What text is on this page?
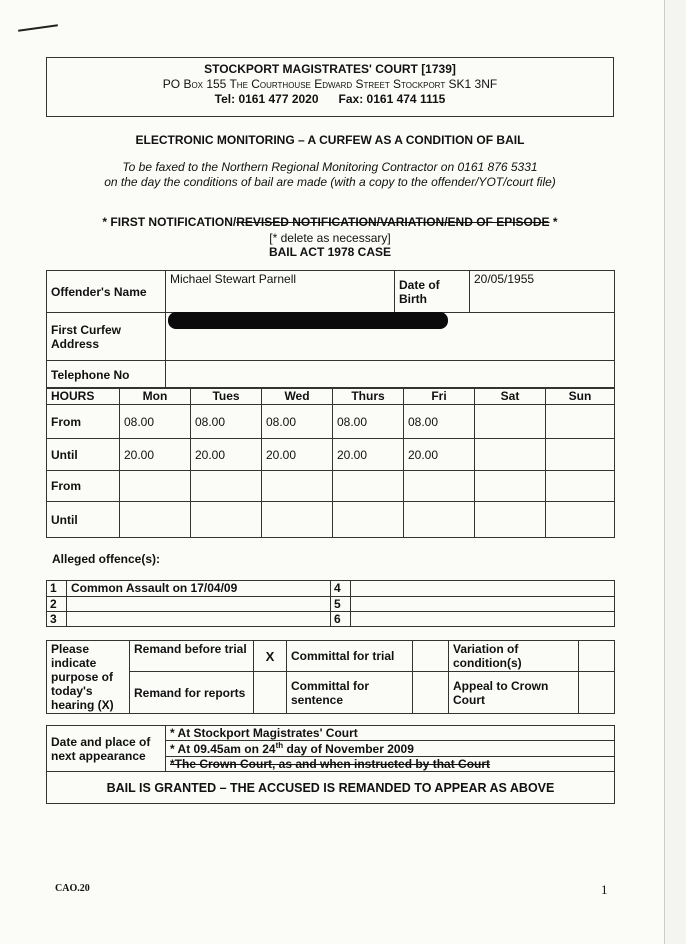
STOCKPORT MAGISTRATES' COURT [1739]
PO Box 155 The Courthouse Edward Street Stockport SK1 3NF
Tel: 0161 477 2020 Fax: 0161 474 1115
ELECTRONIC MONITORING – A CURFEW AS A CONDITION OF BAIL
To be faxed to the Northern Regional Monitoring Contractor on 0161 876 5331
on the day the conditions of bail are made (with a copy to the offender/YOT/court file)
* FIRST NOTIFICATION/REVISED NOTIFICATION/VARIATION/END OF EPISODE *
[* delete as necessary]
BAIL ACT 1978 CASE
Offender's Name	Michael Stewart Parnell	Date of Birth	20/05/1955
First Curfew Address			
Telephone No			
HOURS	Mon	Tues	Wed	Thurs	Fri	Sat	Sun
From	08.00	08.00	08.00	08.00	08.00		
Until	20.00	20.00	20.00	20.00	20.00		
From							
Until							
Alleged offence(s):
1	Common Assault on 17/04/09	4	
2		5	
3		6	
Please indicate purpose of today's hearing (X)	Remand before trial	X	Committal for trial		Variation of condition(s)	
	Remand for reports		Committal for sentence		Appeal to Crown Court	
Date and place of next appearance	* At Stockport Magistrates' Court
* At 09.45am on 24th day of November 2009
*The Crown Court, as and when instructed by that Court
BAIL IS GRANTED – THE ACCUSED IS REMANDED TO APPEAR AS ABOVE
CAO.20	1
